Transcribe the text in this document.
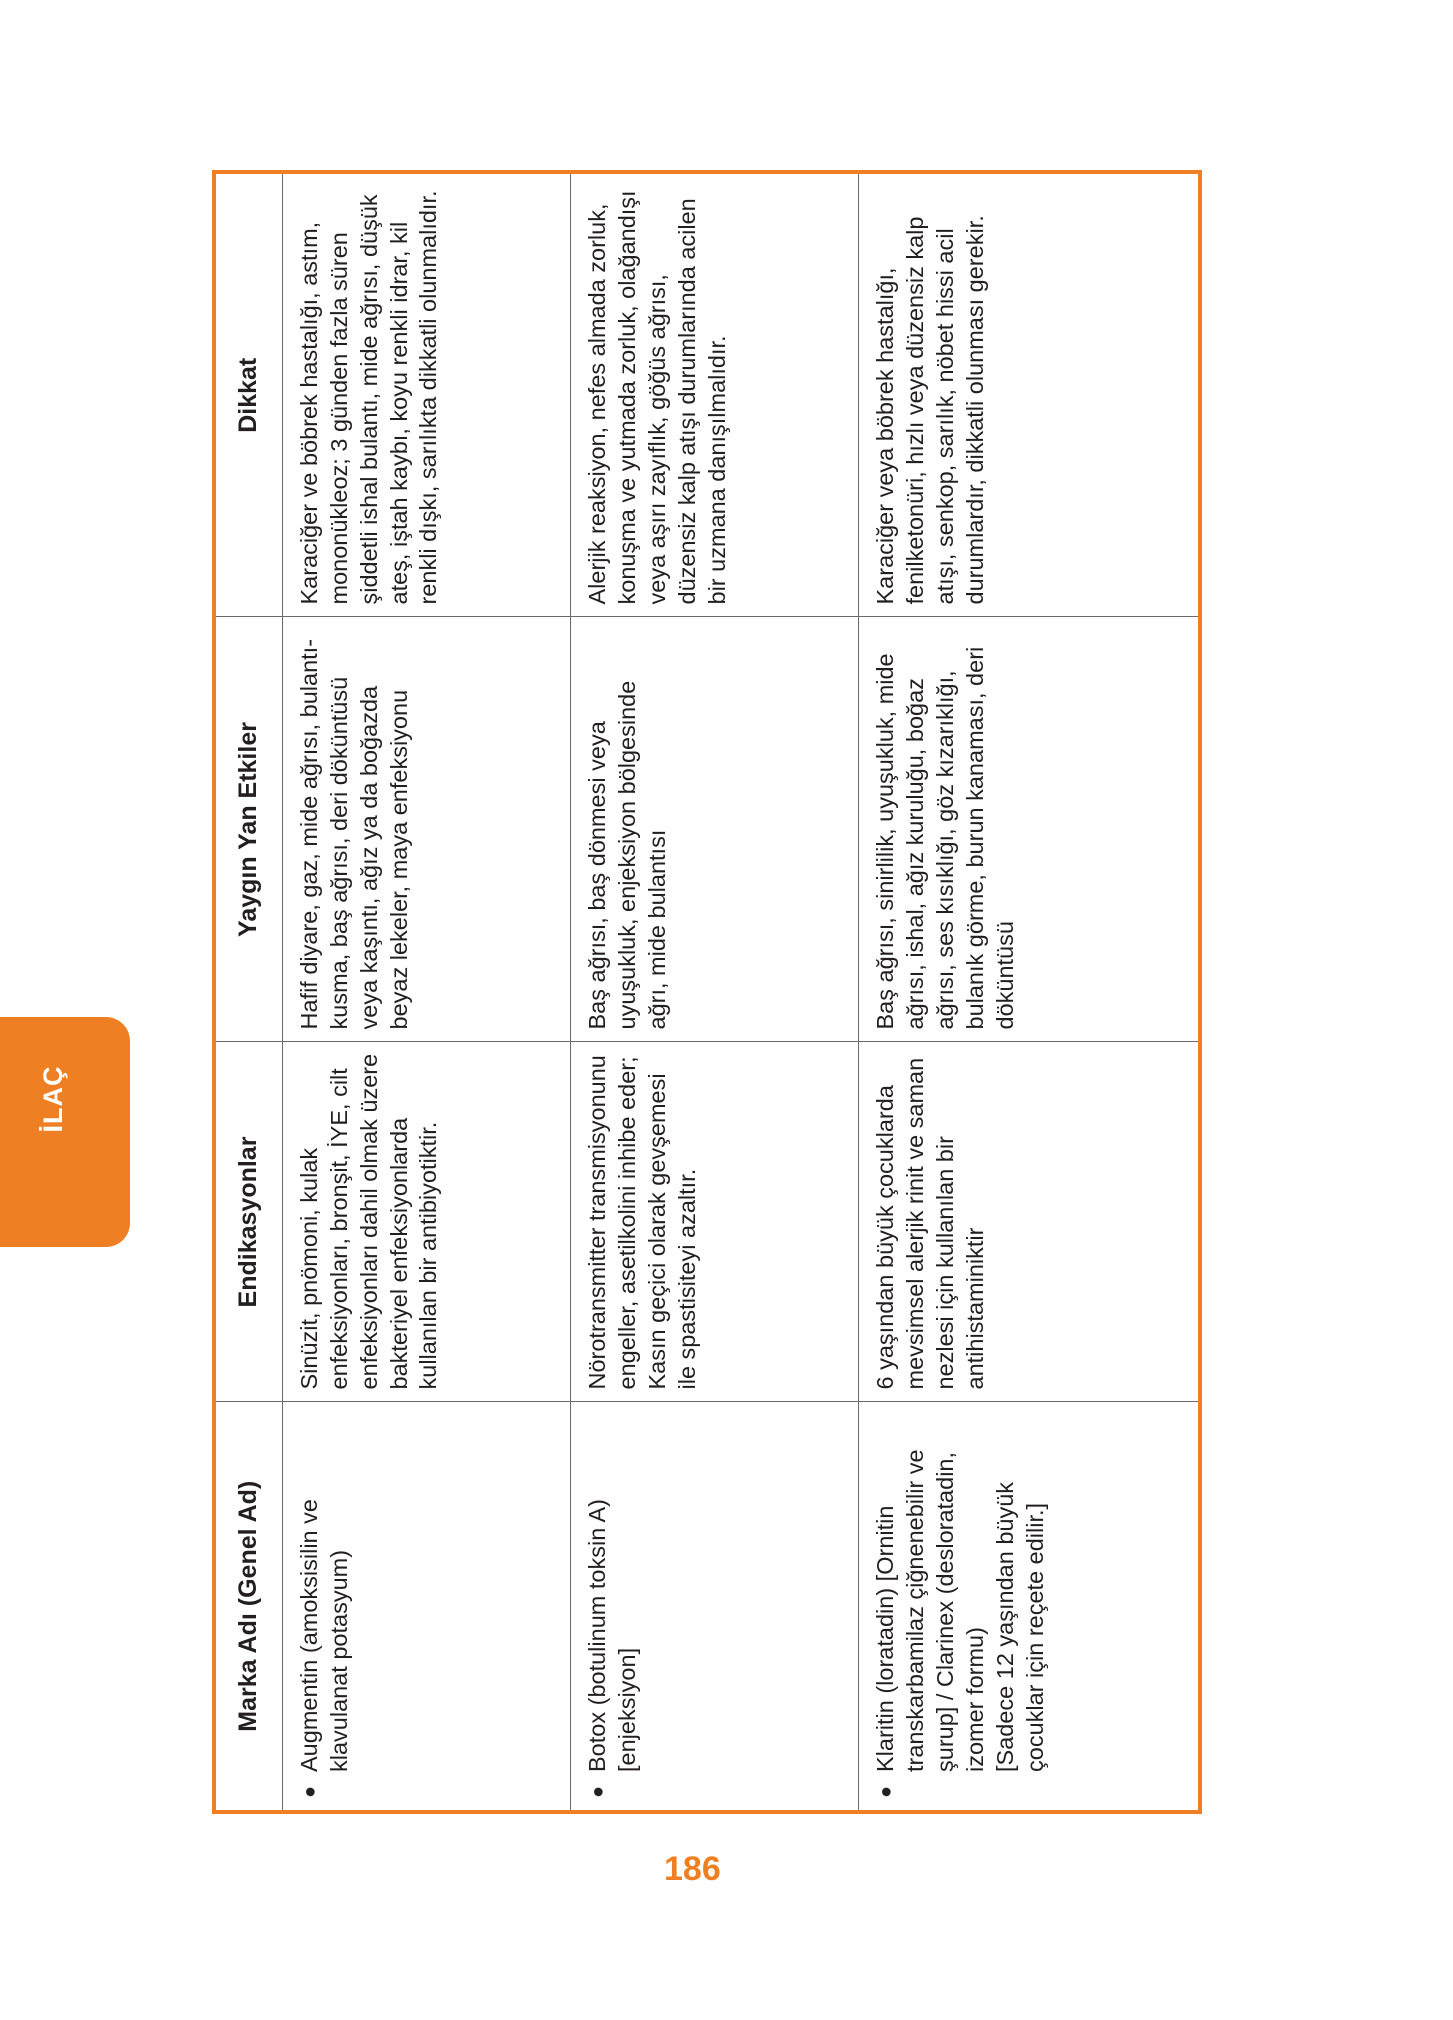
İLAÇ
Marka Adı (Genel Ad)	Endikasyonlar	Yaygın Yan Etkiler	Dikkat

●
Augmentin (amoksisilin ve klavulanat potasyum)	Sinüzit, pnömoni, kulak enfeksiyonları, bronşit, İYE, cilt enfeksiyonları dahil olmak üzere bakteriyel enfeksiyonlarda kullanılan bir antibiyotiktir.	Hafif diyare, gaz, mide ağrısı, bulantı-kusma, baş ağrısı, deri döküntüsü veya kaşıntı, ağız ya da boğazda beyaz lekeler, maya enfeksiyonu	Karaciğer ve böbrek hastalığı, astım, mononükleoz; 3 günden fazla süren şiddetli ishal bulantı, mide ağrısı, düşük ateş, iştah kaybı, koyu renkli idrar, kil renkli dışkı, sarılıkta dikkatli olunmalıdır.

●
Botox (botulinum toksin A) [enjeksiyon]	Nörotransmitter transmisyonunu engeller, asetilkolini inhibe eder; Kasın geçici olarak gevşemesi ile spastisiteyi azaltır.	Baş ağrısı, baş dönmesi veya uyuşukluk, enjeksiyon bölgesinde ağrı, mide bulantısı	Alerjik reaksiyon, nefes almada zorluk, konuşma ve yutmada zorluk, olağandışı veya aşırı zayıflık, göğüs ağrısı, düzensiz kalp atışı durumlarında acilen bir uzmana danışılmalıdır.

●
Klaritin (loratadin) [Ornitin transkarbamilaz çiğnenebilir ve şurup] / Clarinex (desloratadin, izomer formu) [Sadece 12 yaşından büyük çocuklar için reçete edilir.]	6 yaşından büyük çocuklarda mevsimsel alerjik rinit ve saman nezlesi için kullanılan bir antihistaminiktir	Baş ağrısı, sinirlilik, uyuşukluk, mide ağrısı, ishal, ağız kuruluğu, boğaz ağrısı, ses kısıklığı, göz kızarıklığı, bulanık görme, burun kanaması, deri döküntüsü	Karaciğer veya böbrek hastalığı, fenilketonüri, hızlı veya düzensiz kalp atışı, senkop, sarılık, nöbet hissi acil durumlardır, dikkatli olunması gerekir.
186
